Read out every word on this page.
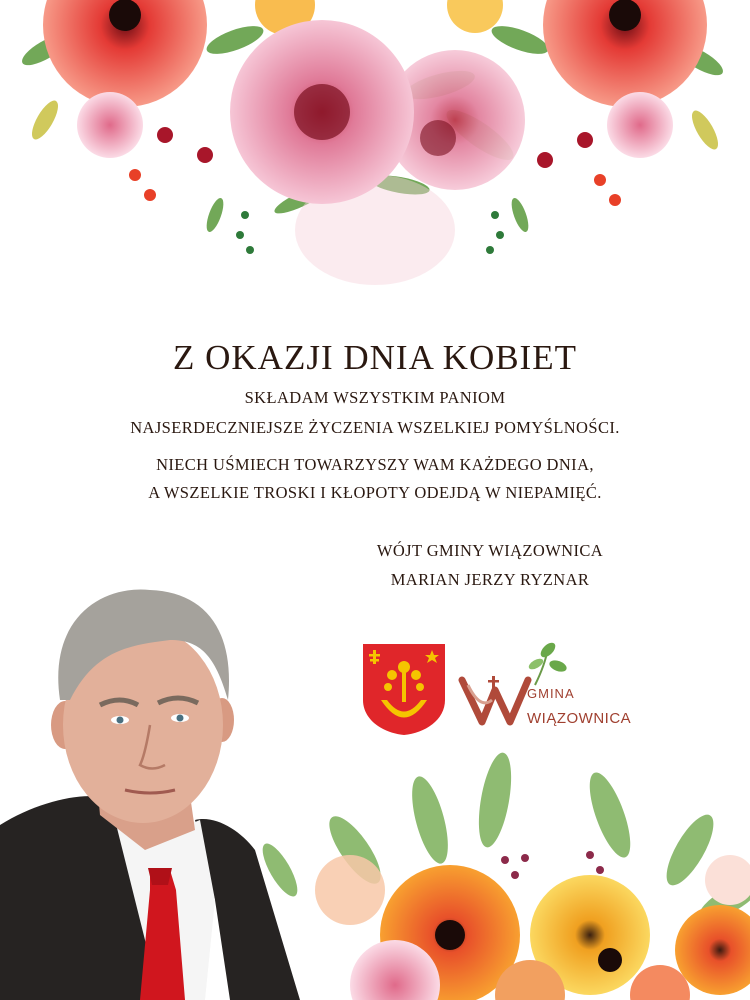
Z OKAZJI DNIA KOBIET
SKŁADAM WSZYSTKIM PANIOM
NAJSERDECZNIEJSZE ŻYCZENIA WSZELKIEJ POMYŚLNOŚCI.
NIECH UŚMIECH TOWARZYSZY WAM KAŻDEGO DNIA,
A WSZELKIE TROSKI I KŁOPOTY ODEJDĄ W NIEPAMIĘĆ.
WÓJT GMINY WIĄZOWNICA
MARIAN JERZY RYZNAR
GMINA
WIĄZOWNICA
